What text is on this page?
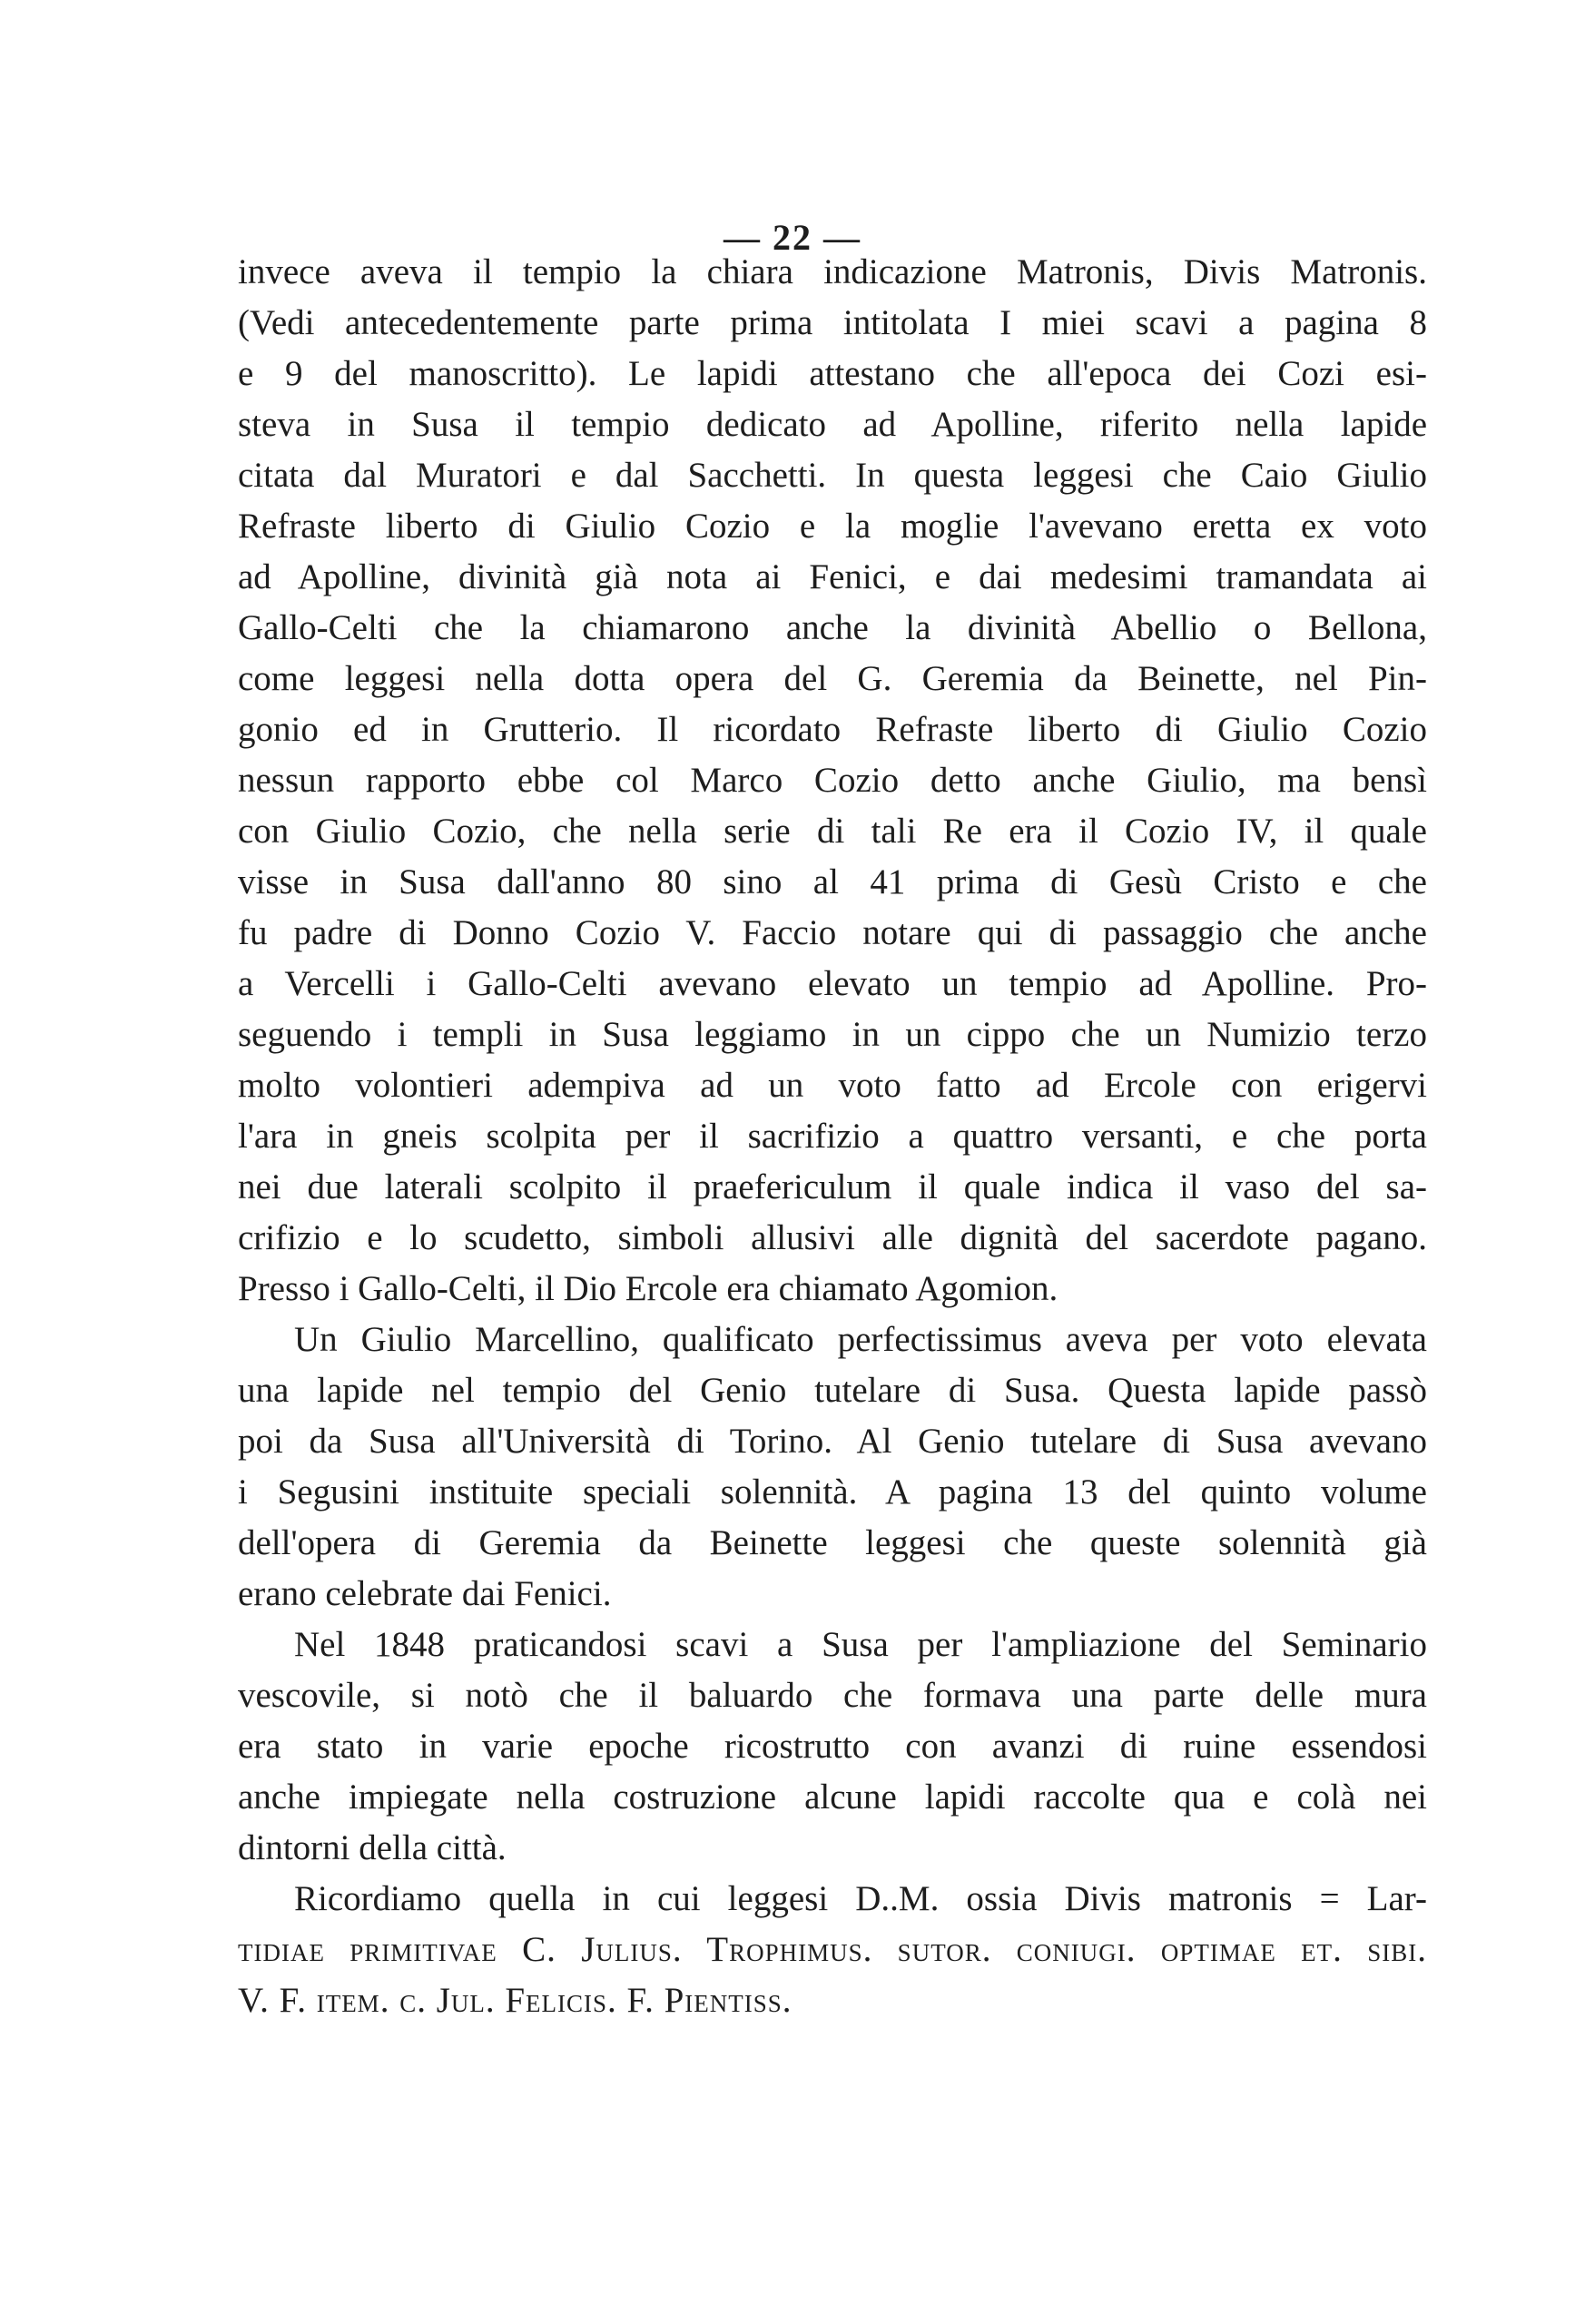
— 22 —
invece aveva il tempio la chiara indicazione Matronis, Divis Matronis.
(Vedi antecedentemente parte prima intitolata I miei scavi a pagina 8
e 9 del manoscritto). Le lapidi attestano che all'epoca dei Cozi esi-
steva in Susa il tempio dedicato ad Apolline, riferito nella lapide
citata dal Muratori e dal Sacchetti. In questa leggesi che Caio Giulio
Refraste liberto di Giulio Cozio e la moglie l'avevano eretta ex voto
ad Apolline, divinità già nota ai Fenici, e dai medesimi tramandata ai
Gallo-Celti che la chiamarono anche la divinità Abellio o Bellona,
come leggesi nella dotta opera del G. Geremia da Beinette, nel Pin-
gonio ed in Grutterio. Il ricordato Refraste liberto di Giulio Cozio
nessun rapporto ebbe col Marco Cozio detto anche Giulio, ma bensì
con Giulio Cozio, che nella serie di tali Re era il Cozio IV, il quale
visse in Susa dall'anno 80 sino al 41 prima di Gesù Cristo e che
fu padre di Donno Cozio V. Faccio notare qui di passaggio che anche
a Vercelli i Gallo-Celti avevano elevato un tempio ad Apolline. Pro-
seguendo i templi in Susa leggiamo in un cippo che un Numizio terzo
molto volontieri adempiva ad un voto fatto ad Ercole con erigervi
l'ara in gneis scolpita per il sacrifizio a quattro versanti, e che porta
nei due laterali scolpito il praefericulum il quale indica il vaso del sa-
crifizio e lo scudetto, simboli allusivi alle dignità del sacerdote pagano.
Presso i Gallo-Celti, il Dio Ercole era chiamato Agomion.
Un Giulio Marcellino, qualificato perfectissimus aveva per voto elevata
una lapide nel tempio del Genio tutelare di Susa. Questa lapide passò
poi da Susa all'Università di Torino. Al Genio tutelare di Susa avevano
i Segusini instituite speciali solennità. A pagina 13 del quinto volume
dell'opera di Geremia da Beinette leggesi che queste solennità già
erano celebrate dai Fenici.
Nel 1848 praticandosi scavi a Susa per l'ampliazione del Seminario
vescovile, si notò che il baluardo che formava una parte delle mura
era stato in varie epoche ricostrutto con avanzi di ruine essendosi
anche impiegate nella costruzione alcune lapidi raccolte qua e colà nei
dintorni della città.
Ricordiamo quella in cui leggesi D..M. ossia Divis matronis = Lar-
tidiae primitivae C. Julius. Trophimus. sutor. coniugi. optimae et. sibi.
V. F. item. c. Jul. Felicis. F. Pientiss.
